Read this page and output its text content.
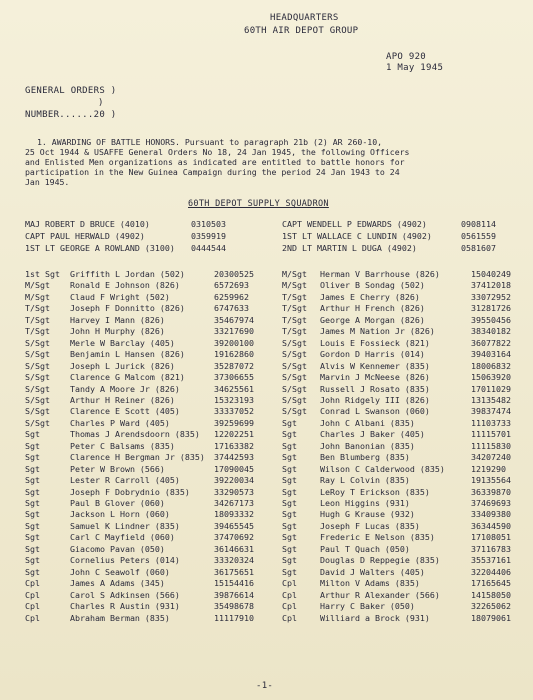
HEADQUARTERS
60TH AIR DEPOT GROUP
APO 920
1 May 1945
GENERAL ORDERS )
)
NUMBER......20 )
1. AWARDING OF BATTLE HONORS. Pursuant to paragraph 21b (2) AR 260-10,
25 Oct 1944 & USAFFE General Orders No 18, 24 Jan 1945, the following Officers
and Enlisted Men organizations as indicated are entitled to battle honors for
participation in the New Guinea Campaign during the period 24 Jan 1943 to 24
Jan 1945.
60TH DEPOT SUPPLY SQUADRON
MAJ ROBERT D BRUCE (4010)	0310503	CAPT WENDELL P EDWARDS (4902)	0908114
CAPT PAUL HERWALD (4902)	0359919	1ST LT WALLACE C LUNDIN (4902)	0561559
1ST LT GEORGE A ROWLAND (3100) 0444544	2ND LT MARTIN L DUGA (4902)	0581607
1st Sgt Griffith L Jordan (502)	20300525	M/Sgt Herman V Barrhouse (826)	15040249
M/Sgt Ronald E Johnson (826)	6572693	M/Sgt Oliver B Sondag (502)	37412018
M/Sgt Claud F Wright (502)	6259962	T/Sgt James E Cherry (826)	33072952
T/Sgt Joseph F Donnitto (826)	6747633	T/Sgt Arthur H French (826)	31281726
T/Sgt Harvey I Mann (826)	35467974	T/Sgt George A Morgan (826)	39550456
T/Sgt John H Murphy (826)	33217690	T/Sgt James M Nation Jr (826)	38340182
S/Sgt Merle W Barclay (405)	39200100	S/Sgt Louis E Fossieck (821)	36077822
S/Sgt Benjamin L Hansen (826)	19162860	S/Sgt Gordon D Harris (014)	39403164
S/Sgt Joseph L Jurick (826)	35287072	S/Sgt Alvis W Kennemer (835)	18006832
S/Sgt Clarence G Malcom (821)	37306655	S/Sgt Marvin J McNeese (826)	15063920
S/Sgt Tandy A Moore Jr (826)	34625561	S/Sgt Russell J Rosato (835)	17011029
S/Sgt Arthur H Reiner (826)	15323193	S/Sgt John Ridgely III (826)	13135482
S/Sgt Clarence E Scott (405)	33337052	S/Sgt Conrad L Swanson (060)	39837474
S/Sgt Charles P Ward (405)	39259699	Sgt	John C Albani (835)	11103733
Sgt	Thomas J Arendsdoorn (835) 12202251	Sgt	Charles J Baker (405)	11115701
Sgt	Peter C Balsams (835)	17163382	Sgt	John Banonian (835)	11115830
Sgt	Clarence H Bergman Jr (835) 37442593	Sgt	Ben Blumberg (835)	34207240
Sgt	Peter W Brown (566)	17090045	Sgt	Wilson C Calderwood (835)	1219290
Sgt	Lester R Carroll (405)	39220034	Sgt	Ray L Colvin (835)	19135564
Sgt	Joseph F Dobrydnio (835)	33290573	Sgt	LeRoy T Erickson (835)	36339870
Sgt	Paul B Glover (060)	34267173	Sgt	Leon Higgins (931)	37469693
Sgt	Jackson L Horn (060)	18093332	Sgt	Hugh G Krause (932)	33409380
Sgt	Samuel K Lindner (835)	39465545	Sgt	Joseph F Lucas (835)	36344590
Sgt	Carl C Mayfield (060)	37470692	Sgt	Frederic E Nelson (835)	17108051
Sgt	Giacomo Pavan (050)	36146631	Sgt	Paul T Quach (050)	37116783
Sgt	Cornelius Peters (014)	33320324	Sgt	Douglas D Reppegie (835)	35537161
Sgt	John C Seawolf (060)	36175651	Sgt	David J Walters (405)	32204406
Cpl	James A Adams (345)	15154416	Cpl	Milton V Adams (835)	17165645
Cpl	Carol S Adkinsen (566)	39876614	Cpl	Arthur R Alexander (566)	14158050
Cpl	Charles R Austin (931)	35498678	Cpl	Harry C Baker (050)	32265062
Cpl	Abraham Berman (835)	11117910	Cpl	Williard a Brock (931)	18079061
-1-
